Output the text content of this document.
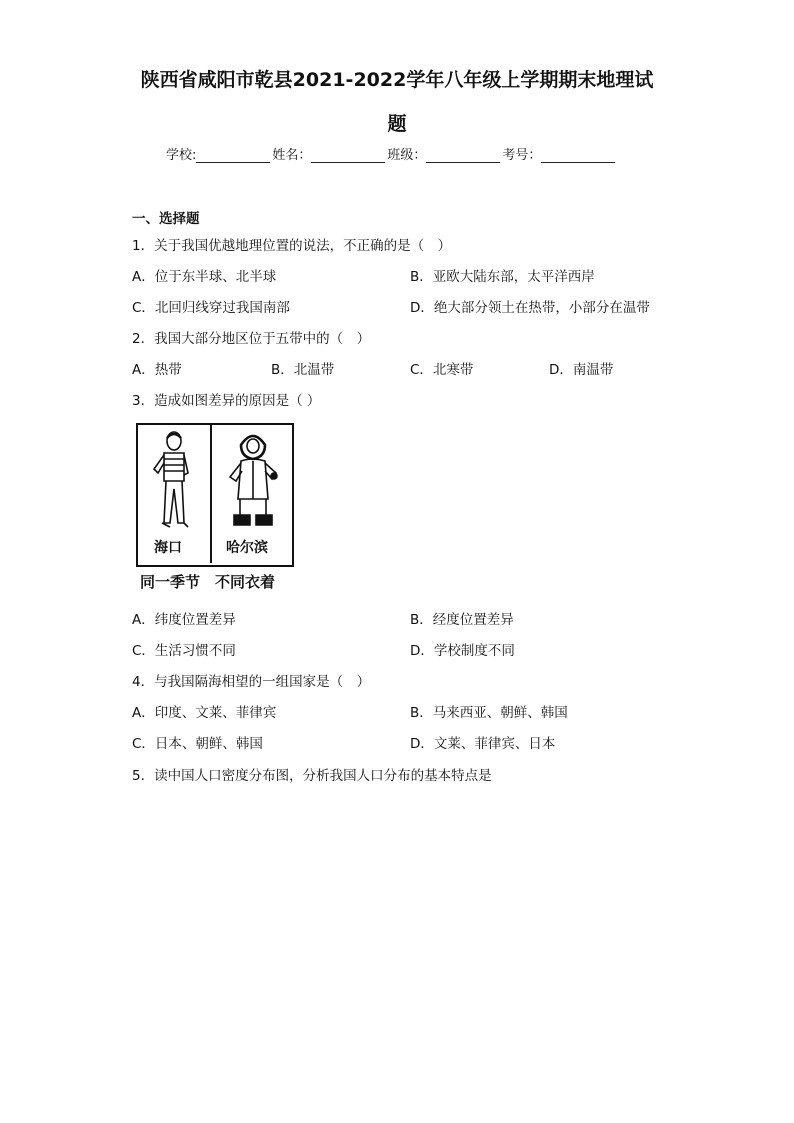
陕西省咸阳市乾县2021-2022学年八年级上学期期末地理试
题
学校:	姓名：	班级：	考号：
一、选择题
1．关于我国优越地理位置的说法，不正确的是（　）
A．位于东半球、北半球	B．亚欧大陆东部，太平洋西岸
C．北回归线穿过我国南部	D．绝大部分领土在热带，小部分在温带
2．我国大部分地区位于五带中的（　）
A．热带	B．北温带	C．北寒带	D．南温带
3．造成如图差异的原因是（ ）
海口	哈尔滨
同一季节　不同衣着
A．纬度位置差异	B．经度位置差异
C．生活习惯不同	D．学校制度不同
4．与我国隔海相望的一组国家是（　）
A．印度、文莱、菲律宾	B．马来西亚、朝鲜、韩国
C．日本、朝鲜、韩国	D．文莱、菲律宾、日本
5．读中国人口密度分布图，分析我国人口分布的基本特点是
